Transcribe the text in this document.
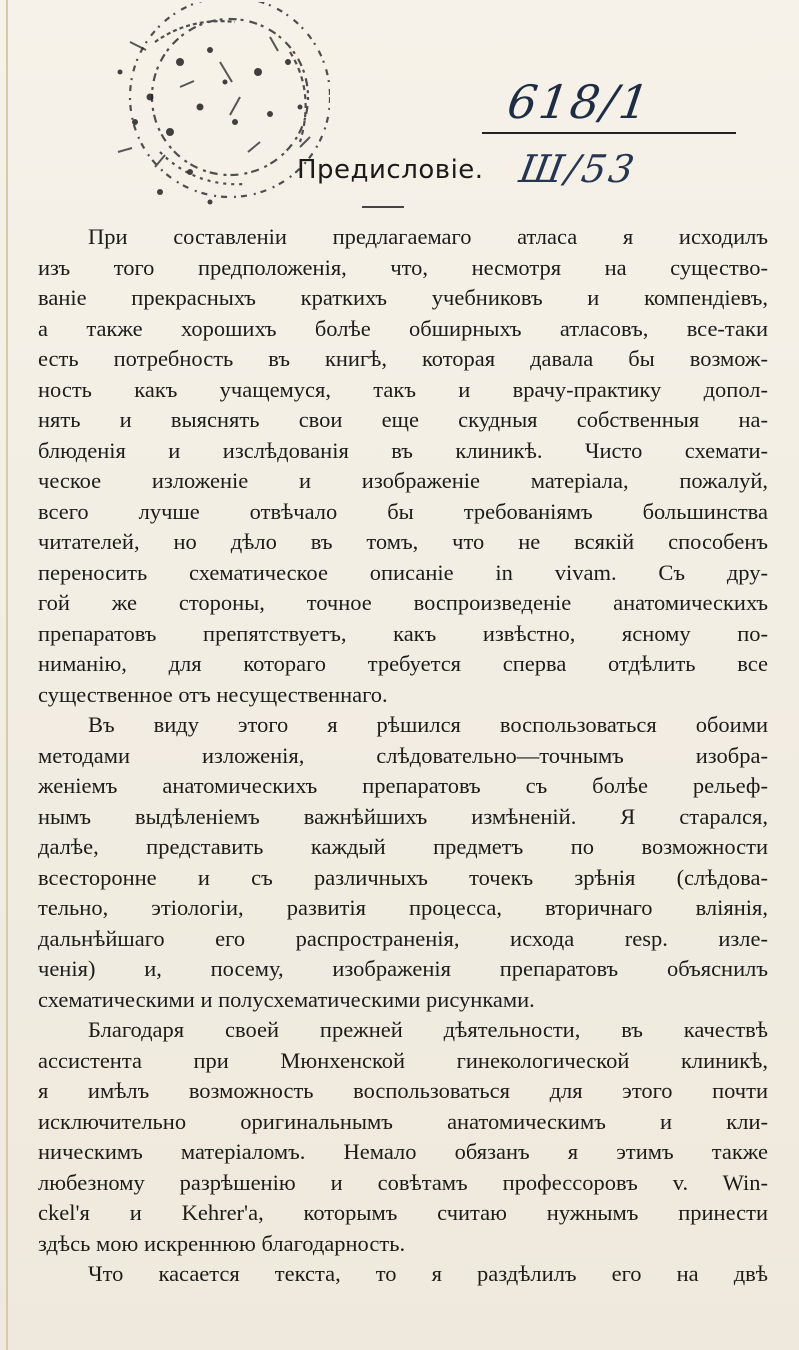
618/1
Предисловіе. Ш/53
При составленіи предлагаемаго атласа я исходилъ
изъ того предположенія, что, несмотря на существо-
ваніе прекрасныхъ краткихъ учебниковъ и компендіевъ,
а также хорошихъ болѣе обширныхъ атласовъ, все-таки
есть потребность въ книгѣ, которая давала бы возмож-
ность какъ учащемуся, такъ и врачу-практику допол-
нять и выяснять свои еще скудныя собственныя на-
блюденія и изслѣдованія въ клиникѣ. Чисто схемати-
ческое изложеніе и изображеніе матеріала, пожалуй,
всего лучше отвѣчало бы требованіямъ большинства
читателей, но дѣло въ томъ, что не всякій способенъ
переносить схематическое описаніе in vivam. Съ дру-
гой же стороны, точное воспроизведеніе анатомическихъ
препаратовъ препятствуетъ, какъ извѣстно, ясному по-
ниманію, для котораго требуется сперва отдѣлить все
существенное отъ несущественнаго.
Въ виду этого я рѣшился воспользоваться обоими
методами изложенія, слѣдовательно—точнымъ изобра-
женіемъ анатомическихъ препаратовъ съ болѣе рельеф-
нымъ выдѣленіемъ важнѣйшихъ измѣненій. Я старался,
далѣе, представить каждый предметъ по возможности
всесторонне и съ различныхъ точекъ зрѣнія (слѣдова-
тельно, этіологіи, развитія процесса, вторичнаго вліянія,
дальнѣйшаго его распространенія, исхода resp. изле-
ченія) и, посему, изображенія препаратовъ объяснилъ
схематическими и полусхематическими рисунками.
Благодаря своей прежней дѣятельности, въ качествѣ
ассистента при Мюнхенской гинекологической клиникѣ,
я имѣлъ возможность воспользоваться для этого почти
исключительно оригинальнымъ анатомическимъ и кли-
ническимъ матеріаломъ. Немало обязанъ я этимъ также
любезному разрѣшенію и совѣтамъ профессоровъ v. Win-
ckel'я и Kehrer'а, которымъ считаю нужнымъ принести
здѣсь мою искреннюю благодарность.
Что касается текста, то я раздѣлилъ его на двѣ
